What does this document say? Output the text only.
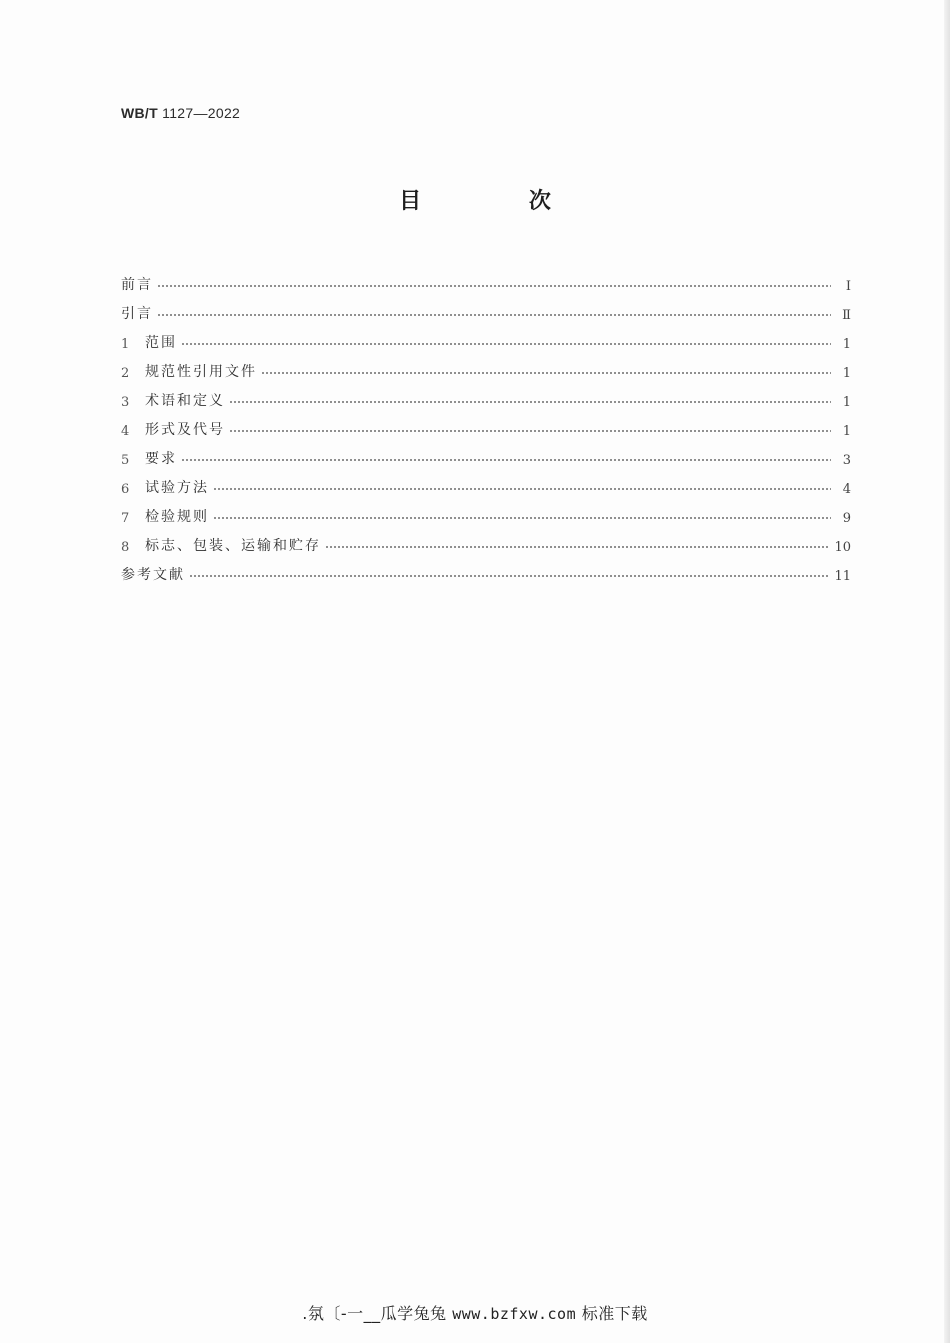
WB/T 1127—2022
目 次
前言	Ⅰ
引言	Ⅱ
1	范围	1
2	规范性引用文件	1
3	术语和定义	1
4	形式及代号	1
5	要求	3
6	试验方法	4
7	检验规则	9
8	标志、包装、运输和贮存	10
参考文献	11
.氛〔-一__瓜学兔兔 www.bzfxw.com 标准下载
